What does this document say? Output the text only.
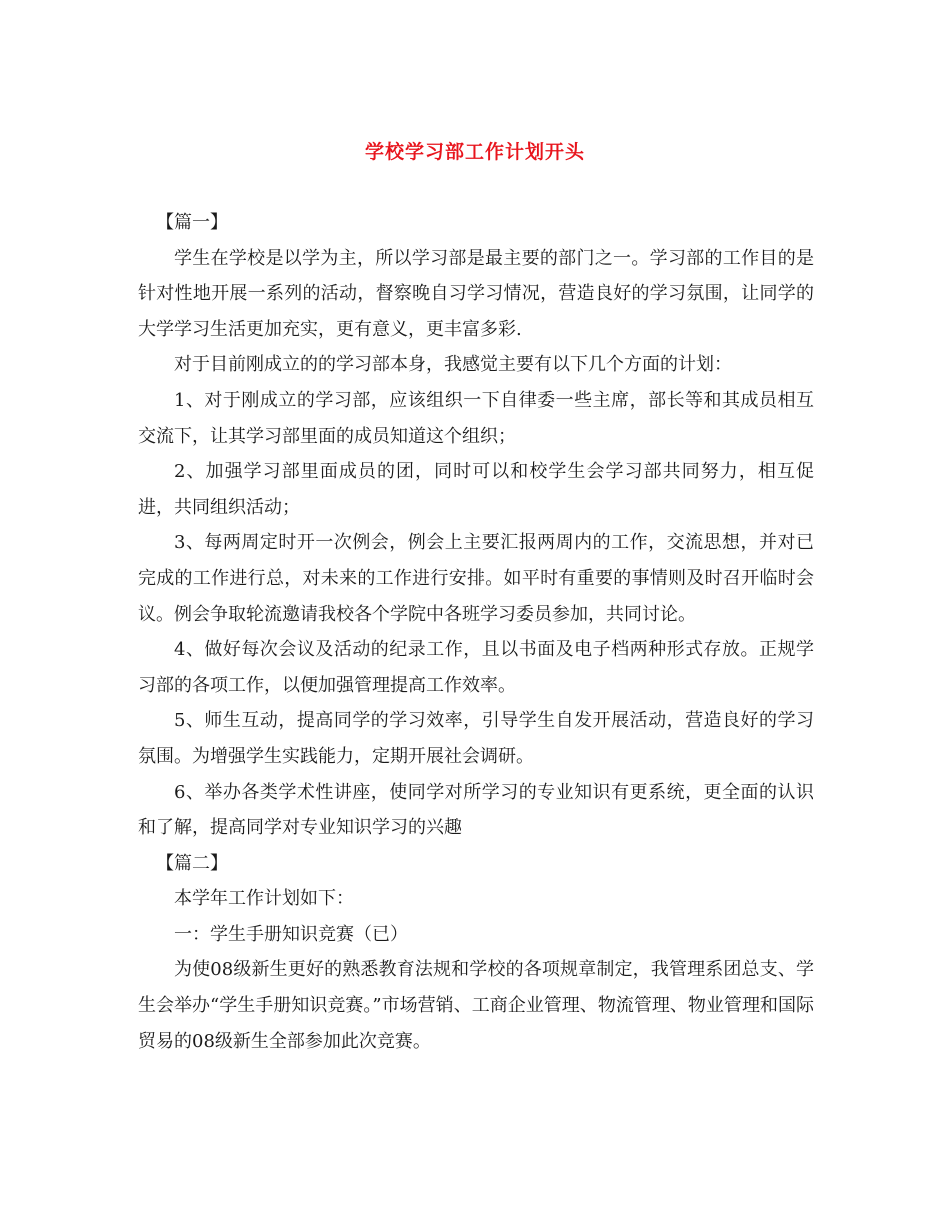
学校学习部工作计划开头

【篇一】

学生在学校是以学为主，所以学习部是最主要的部门之一。学习部的工作目的是针对性地开展一系列的活动，督察晚自习学习情况，营造良好的学习氛围，让同学的大学学习生活更加充实，更有意义，更丰富多彩.

对于目前刚成立的的学习部本身，我感觉主要有以下几个方面的计划：

1、对于刚成立的学习部，应该组织一下自律委一些主席，部长等和其成员相互交流下，让其学习部里面的成员知道这个组织；

2、加强学习部里面成员的团，同时可以和校学生会学习部共同努力，相互促进，共同组织活动；

3、每两周定时开一次例会，例会上主要汇报两周内的工作，交流思想，并对已完成的工作进行总，对未来的工作进行安排。如平时有重要的事情则及时召开临时会议。例会争取轮流邀请我校各个学院中各班学习委员参加，共同讨论。

4、做好每次会议及活动的纪录工作，且以书面及电子档两种形式存放。正规学习部的各项工作，以便加强管理提高工作效率。

5、师生互动，提高同学的学习效率，引导学生自发开展活动，营造良好的学习氛围。为增强学生实践能力，定期开展社会调研。

6、举办各类学术性讲座，使同学对所学习的专业知识有更系统，更全面的认识和了解，提高同学对专业知识学习的兴趣

【篇二】

本学年工作计划如下：

一：学生手册知识竞赛（已）

为使08级新生更好的熟悉教育法规和学校的各项规章制定，我管理系团总支、学生会举办“学生手册知识竞赛。”市场营销、工商企业管理、物流管理、物业管理和国际贸易的08级新生全部参加此次竞赛。
